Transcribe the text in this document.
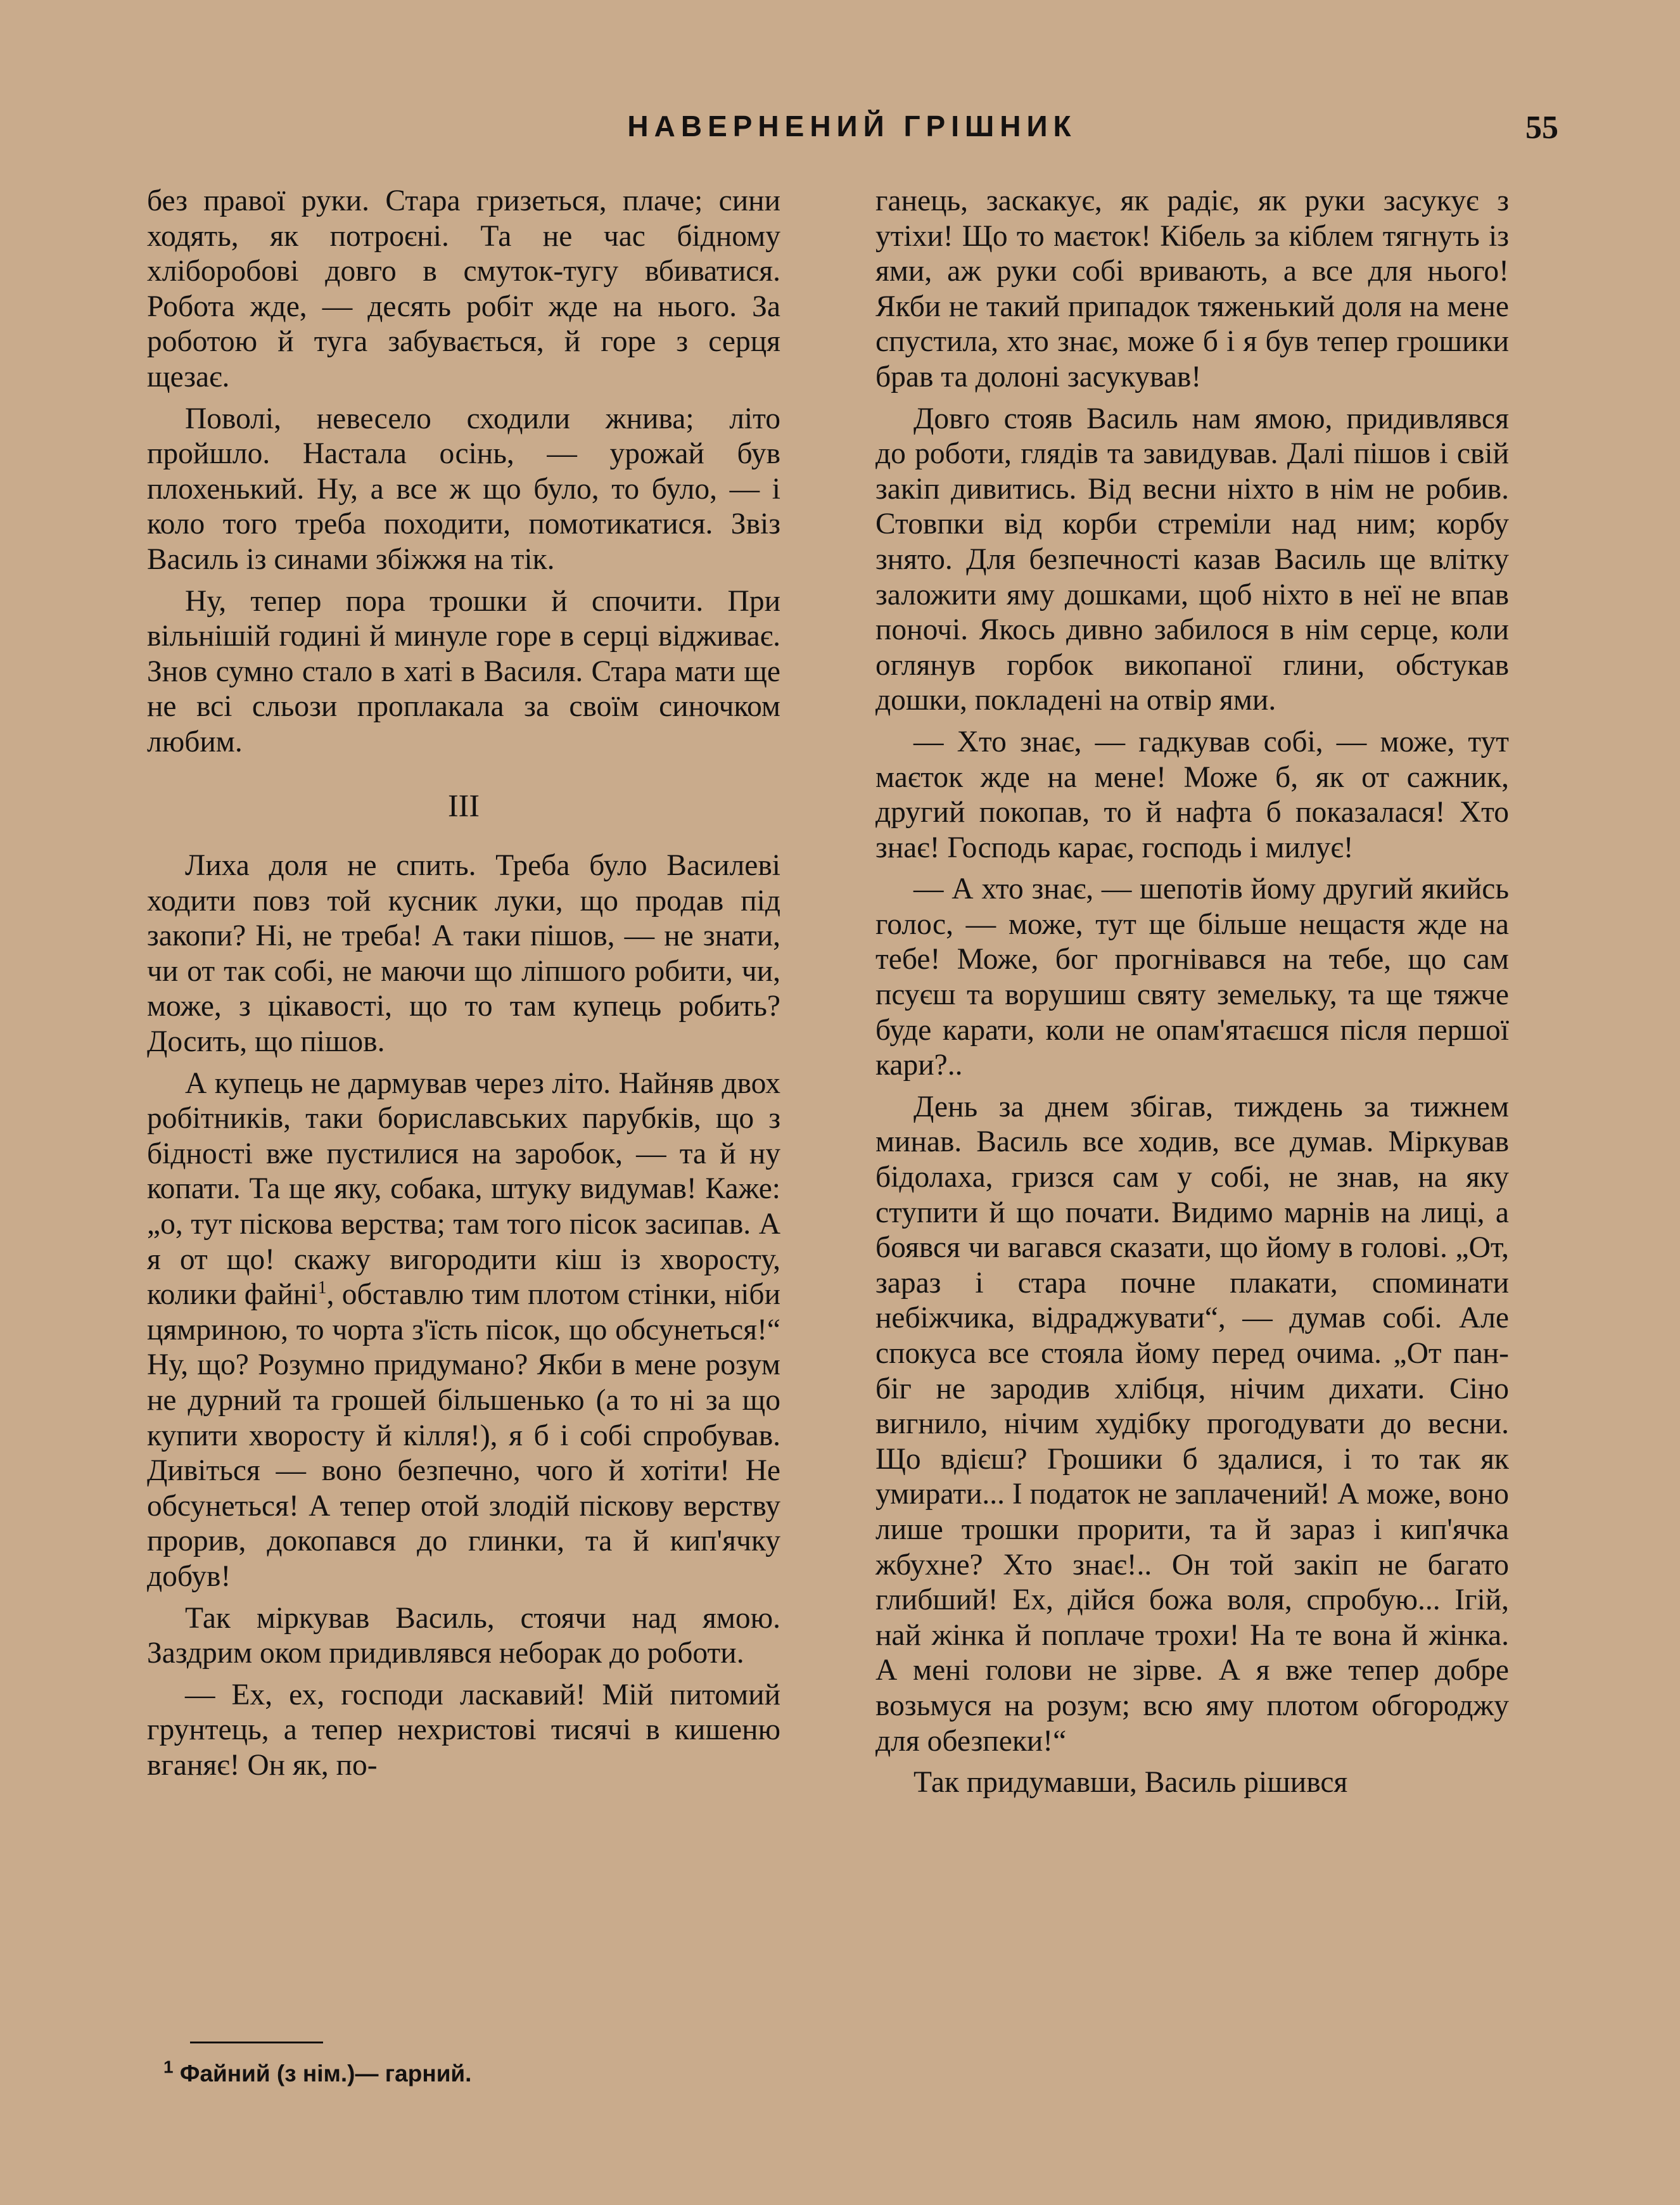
НАВЕРНЕНИЙ ГРІШНИК	55

без правої руки. Стара гризеться, плаче; сини ходять, як потроєні. Та не час бідному хліборобові довго в смуток-тугу вбиватися. Робота жде, — десять робіт жде на нього. За роботою й туга забувається, й горе з серця щезає.

Поволі, невесело сходили жнива; літо пройшло. Настала осінь, — урожай був плохенький. Ну, а все ж що було, то було, — і коло того треба походити, помотикатися. Звіз Василь із синами збіжжя на тік.

Ну, тепер пора трошки й спочити. При вільнішій годині й минуле горе в серці відживає. Знов сумно стало в хаті в Василя. Стара мати ще не всі сльози проплакала за своїм синочком любим.

III

Лиха доля не спить. Треба було Василеві ходити повз той кусник луки, що продав під закопи? Ні, не треба! А таки пішов, — не знати, чи от так собі, не маючи що ліпшого робити, чи, може, з цікавості, що то там купець робить? Досить, що пішов.

А купець не дармував через літо. Найняв двох робітників, таки бориславських парубків, що з бідності вже пустилися на заробок, — та й ну копати. Та ще яку, собака, штуку видумав! Каже: „о, тут піскова верства; там того пісок засипав. А я от що! скажу вигородити кіш із хворосту, колики файні$^1$, обставлю тим плотом стінки, ніби цямриною, то чорта з'їсть пісок, що обсунеться!“ Ну, що? Розумно придумано? Якби в мене розум не дурний та грошей більшенько (а то ні за що купити хворосту й кілля!), я б і собі спробував. Дивіться — воно безпечно, чого й хотіти! Не обсунеться! А тепер отой злодій піскову верству прорив, докопався до глинки, та й кип'ячку добув!

Так міркував Василь, стоячи над ямою. Заздрим оком придивлявся неборак до роботи.

— Ех, ех, господи ласкавий! Мій питомий грунтець, а тепер нехристові тисячі в кишеню вганяє! Он як, по-

ганець, заскакує, як радіє, як руки засукує з утіхи! Що то маєток! Кібель за кіблем тягнуть із ями, аж руки собі вривають, а все для нього! Якби не такий припадок тяженький доля на мене спустила, хто знає, може б і я був тепер грошики брав та долоні засукував!

Довго стояв Василь нам ямою, придивлявся до роботи, глядів та завидував. Далі пішов і свій закіп дивитись. Від весни ніхто в нім не робив. Стовпки від корби стреміли над ним; корбу знято. Для безпечності казав Василь ще влітку заложити яму дошками, щоб ніхто в неї не впав поночі. Якось дивно забилося в нім серце, коли оглянув горбок викопаної глини, обстукав дошки, покладені на отвір ями.

— Хто знає, — гадкував собі, — може, тут маєток жде на мене! Може б, як от сажник, другий покопав, то й нафта б показалася! Хто знає! Господь карає, господь і милує!

— А хто знає, — шепотів йому другий якийсь голос, — може, тут ще більше нещастя жде на тебе! Може, бог прогнівався на тебе, що сам псуєш та ворушиш святу земельку, та ще тяжче буде карати, коли не опам'ятаєшся після першої кари?..

День за днем збігав, тиждень за тижнем минав. Василь все ходив, все думав. Міркував бідолаха, гризся сам у собі, не знав, на яку ступити й що почати. Видимо марнів на лиці, а боявся чи вагався сказати, що йому в голові. „От, зараз і стара почне плакати, споминати небіжчика, відраджувати“, — думав собі. Але спокуса все стояла йому перед очима. „От пан-біг не зародив хлібця, нічим дихати. Сіно вигнило, нічим худібку прогодувати до весни. Що вдієш? Грошики б здалися, і то так як умирати... І податок не заплачений! А може, воно лише трошки прорити, та й зараз і кип'ячка жбухне? Хто знає!.. Он той закіп не багато глибший! Ех, дійся божа воля, спробую... Ігій, най жінка й поплаче трохи! На те вона й жінка. А мені голови не зірве. А я вже тепер добре возьмуся на розум; всю яму плотом обгороджу для обезпеки!“

Так придумавши, Василь рішився

$^1$ Файний (з нім.)— гарний.
